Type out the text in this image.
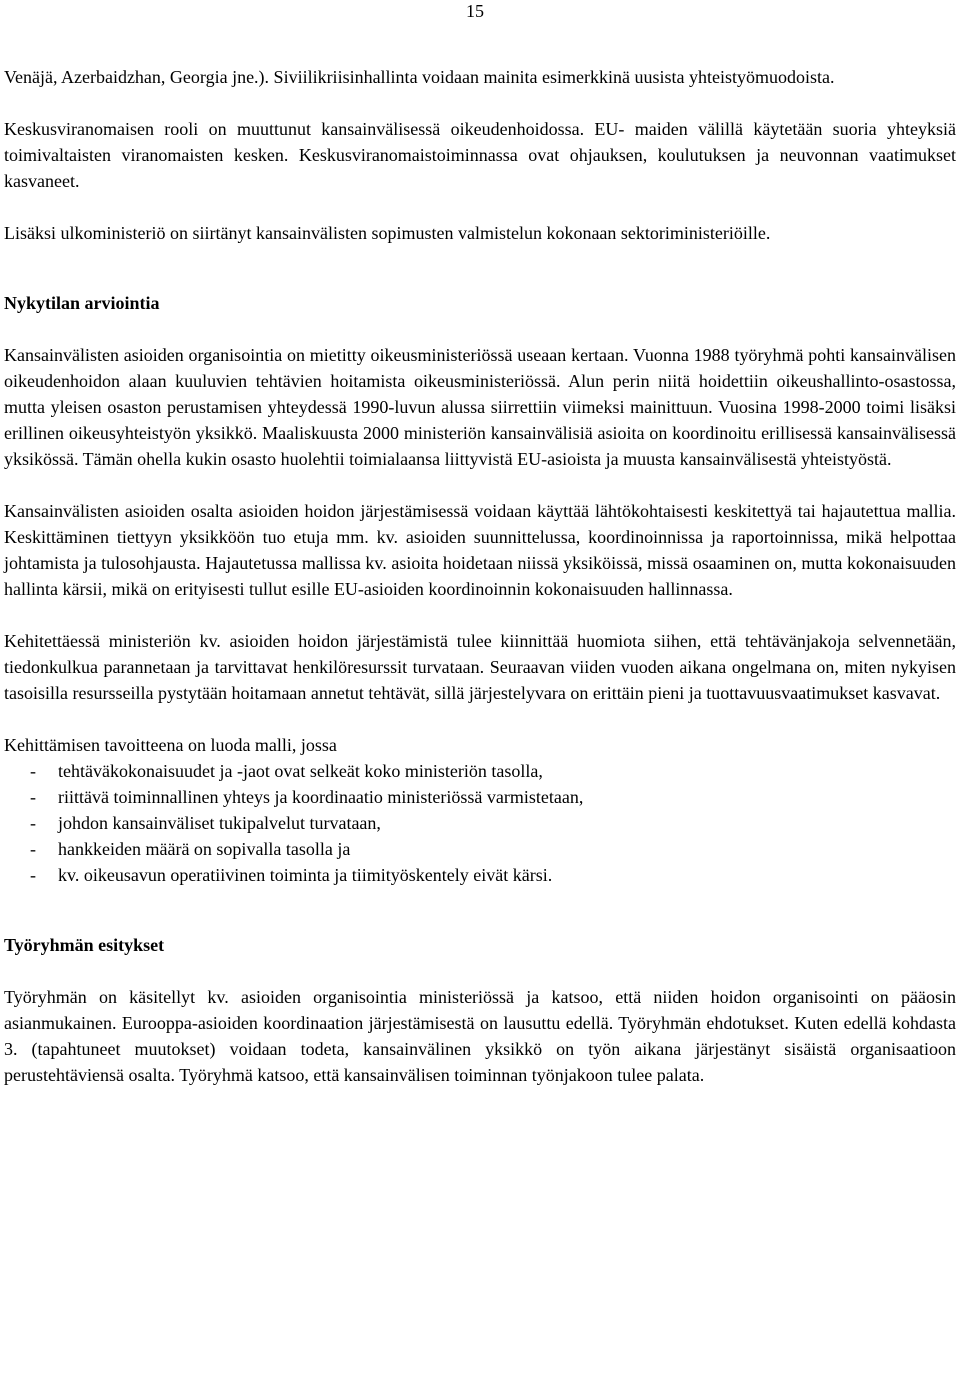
15

Venäjä, Azerbaidzhan, Georgia jne.). Siviilikriisinhallinta voidaan mainita esimerkkinä uusista yhteistyömuodoista.

Keskusviranomaisen rooli on muuttunut kansainvälisessä oikeudenhoidossa. EU- maiden välillä käytetään suoria yhteyksiä toimivaltaisten viranomaisten kesken. Keskusviranomaistoiminnassa ovat ohjauksen, koulutuksen ja neuvonnan vaatimukset kasvaneet.

Lisäksi ulkoministeriö on siirtänyt kansainvälisten sopimusten valmistelun kokonaan sektoriministeriöille.

Nykytilan arviointia

Kansainvälisten asioiden organisointia on mietitty oikeusministeriössä useaan kertaan. Vuonna 1988 työryhmä pohti kansainvälisen oikeudenhoidon alaan kuuluvien tehtävien hoitamista oikeusministeriössä. Alun perin niitä hoidettiin oikeushallinto-osastossa, mutta yleisen osaston perustamisen yhteydessä 1990-luvun alussa siirrettiin viimeksi mainittuun. Vuosina 1998-2000 toimi lisäksi erillinen oikeusyhteistyön yksikkö. Maaliskuusta 2000 ministeriön kansainvälisiä asioita on koordinoitu erillisessä kansainvälisessä yksikössä. Tämän ohella kukin osasto huolehtii toimialaansa liittyvistä EU-asioista ja muusta kansainvälisestä yhteistyöstä.

Kansainvälisten asioiden osalta asioiden hoidon järjestämisessä voidaan käyttää lähtökohtaisesti keskitettyä tai hajautettua mallia. Keskittäminen tiettyyn yksikköön tuo etuja mm. kv. asioiden suunnittelussa, koordinoinnissa ja raportoinnissa, mikä helpottaa johtamista ja tulosohjausta. Hajautetussa mallissa kv. asioita hoidetaan niissä yksiköissä, missä osaaminen on, mutta kokonaisuuden hallinta kärsii, mikä on erityisesti tullut esille EU-asioiden koordinoinnin kokonaisuuden hallinnassa.

Kehitettäessä ministeriön kv. asioiden hoidon järjestämistä tulee kiinnittää huomiota siihen, että tehtävänjakoja selvennetään, tiedonkulkua parannetaan ja tarvittavat henkilöresurssit turvataan. Seuraavan viiden vuoden aikana ongelmana on, miten nykyisen tasoisilla resursseilla pystytään hoitamaan annetut tehtävät, sillä järjestelyvara on erittäin pieni ja tuottavuusvaatimukset kasvavat.

Kehittämisen tavoitteena on luoda malli, jossa

- tehtäväkokonaisuudet ja -jaot ovat selkeät koko ministeriön tasolla,
- riittävä toiminnallinen yhteys ja koordinaatio ministeriössä varmistetaan,
- johdon kansainväliset tukipalvelut turvataan,
- hankkeiden määrä on sopivalla tasolla ja
- kv. oikeusavun operatiivinen toiminta ja tiimityöskentely eivät kärsi.
Työryhmän esitykset

Työryhmän on käsitellyt kv. asioiden organisointia ministeriössä ja katsoo, että niiden hoidon organisointi on pääosin asianmukainen. Eurooppa-asioiden koordinaation järjestämisestä on lausuttu edellä. Työryhmän ehdotukset. Kuten edellä kohdasta 3. (tapahtuneet muutokset) voidaan todeta, kansainvälinen yksikkö on työn aikana järjestänyt sisäistä organisaatioon perustehtäviensä osalta. Työryhmä katsoo, että kansainvälisen toiminnan työnjakoon tulee palata.
